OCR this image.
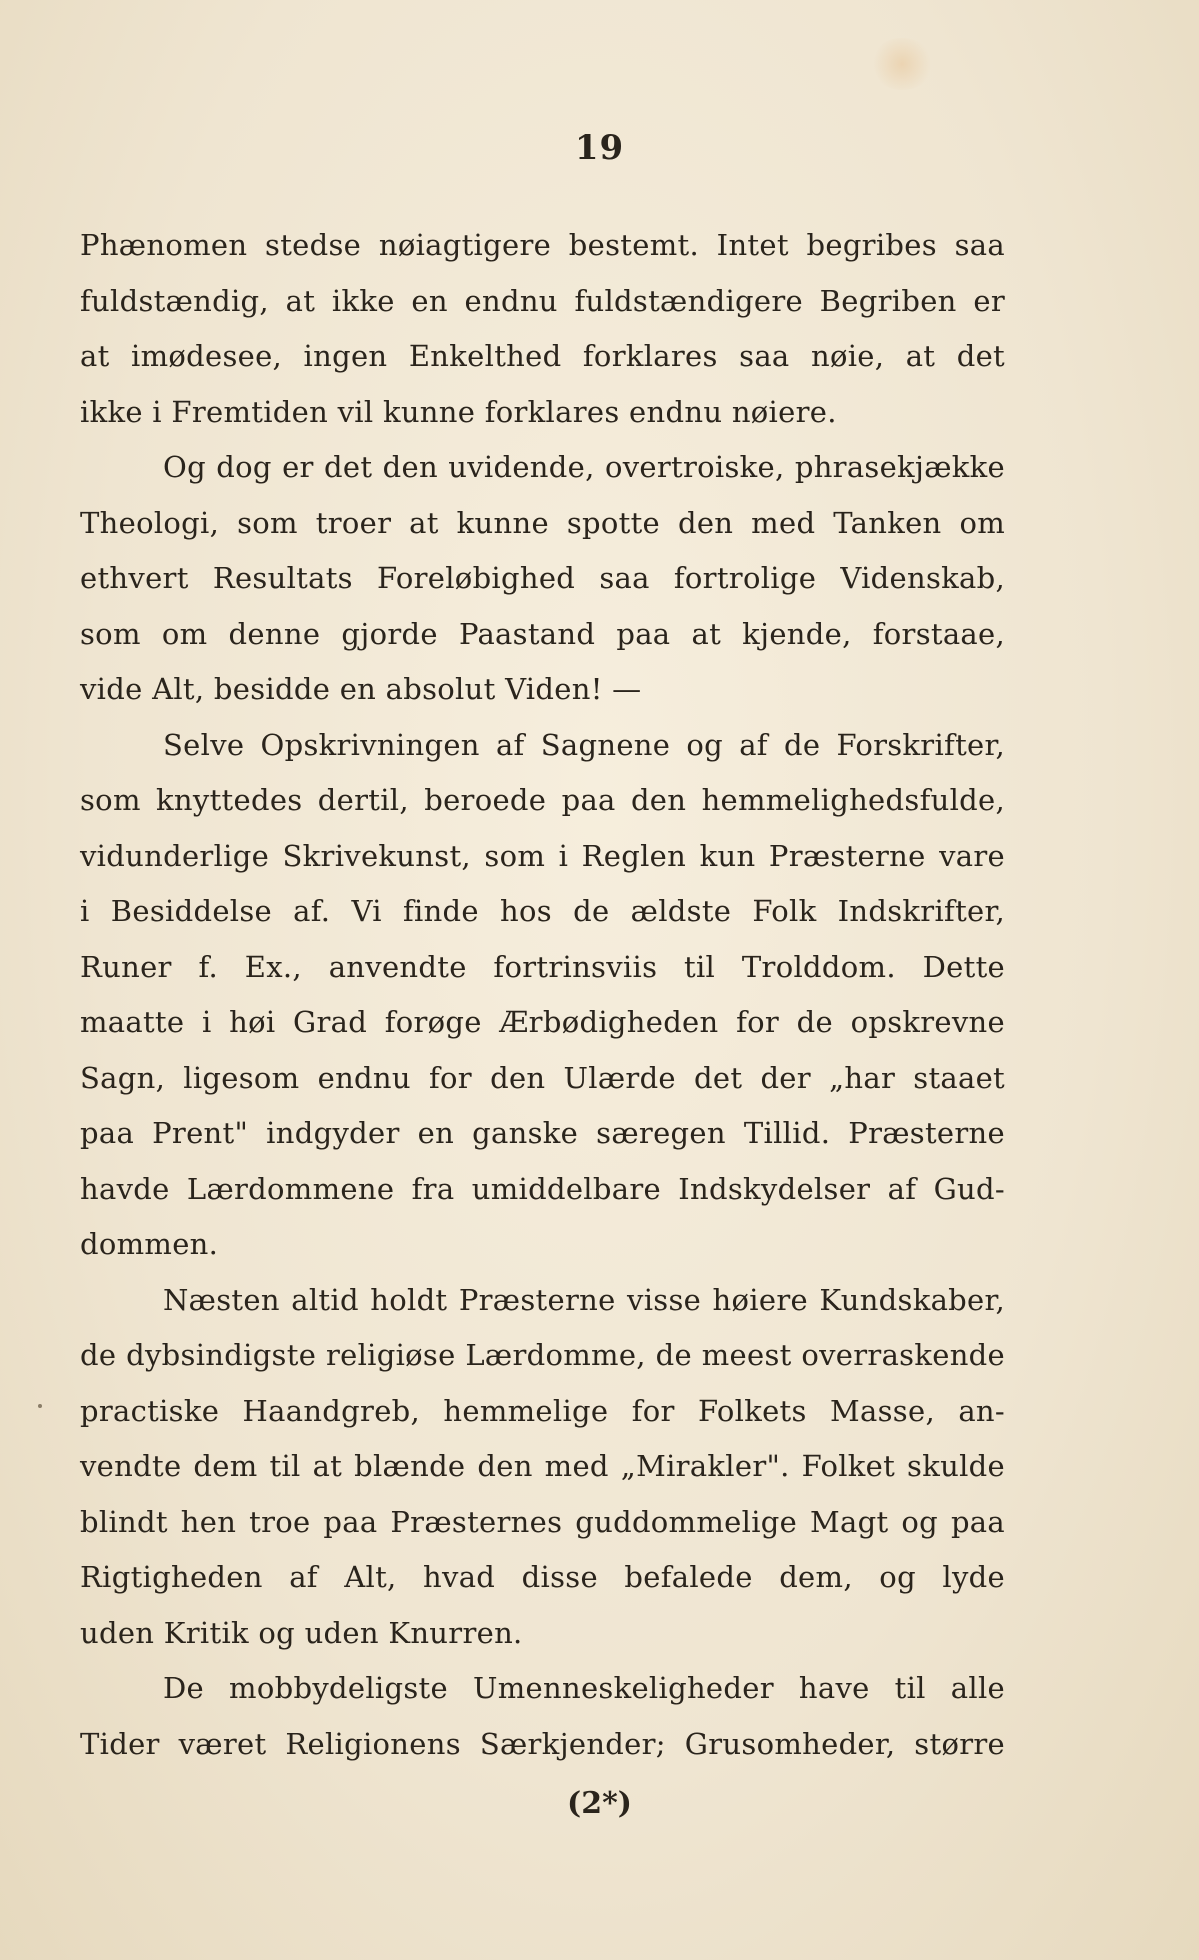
19
Phænomen stedse nøiagtigere bestemt. Intet begribes saa
fuldstændig, at ikke en endnu fuldstændigere Begriben er
at imødesee, ingen Enkelthed forklares saa nøie, at det
ikke i Fremtiden vil kunne forklares endnu nøiere.
Og dog er det den uvidende, overtroiske, phrasekjække
Theologi, som troer at kunne spotte den med Tanken om
ethvert Resultats Foreløbighed saa fortrolige Videnskab,
som om denne gjorde Paastand paa at kjende, forstaae,
vide Alt, besidde en absolut Viden! —
Selve Opskrivningen af Sagnene og af de Forskrifter,
som knyttedes dertil, beroede paa den hemmelighedsfulde,
vidunderlige Skrivekunst, som i Reglen kun Præsterne vare
i Besiddelse af. Vi finde hos de ældste Folk Indskrifter,
Runer f. Ex., anvendte fortrinsviis til Trolddom. Dette
maatte i høi Grad forøge Ærbødigheden for de opskrevne
Sagn, ligesom endnu for den Ulærde det der „har staaet
paa Prent" indgyder en ganske særegen Tillid. Præsterne
havde Lærdommene fra umiddelbare Indskydelser af Gud-
dommen.
Næsten altid holdt Præsterne visse høiere Kundskaber,
de dybsindigste religiøse Lærdomme, de meest overraskende
practiske Haandgreb, hemmelige for Folkets Masse, an-
vendte dem til at blænde den med „Mirakler". Folket skulde
blindt hen troe paa Præsternes guddommelige Magt og paa
Rigtigheden af Alt, hvad disse befalede dem, og lyde
uden Kritik og uden Knurren.
De mobbydeligste Umenneskeligheder have til alle
Tider været Religionens Særkjender; Grusomheder, større
(2*)
